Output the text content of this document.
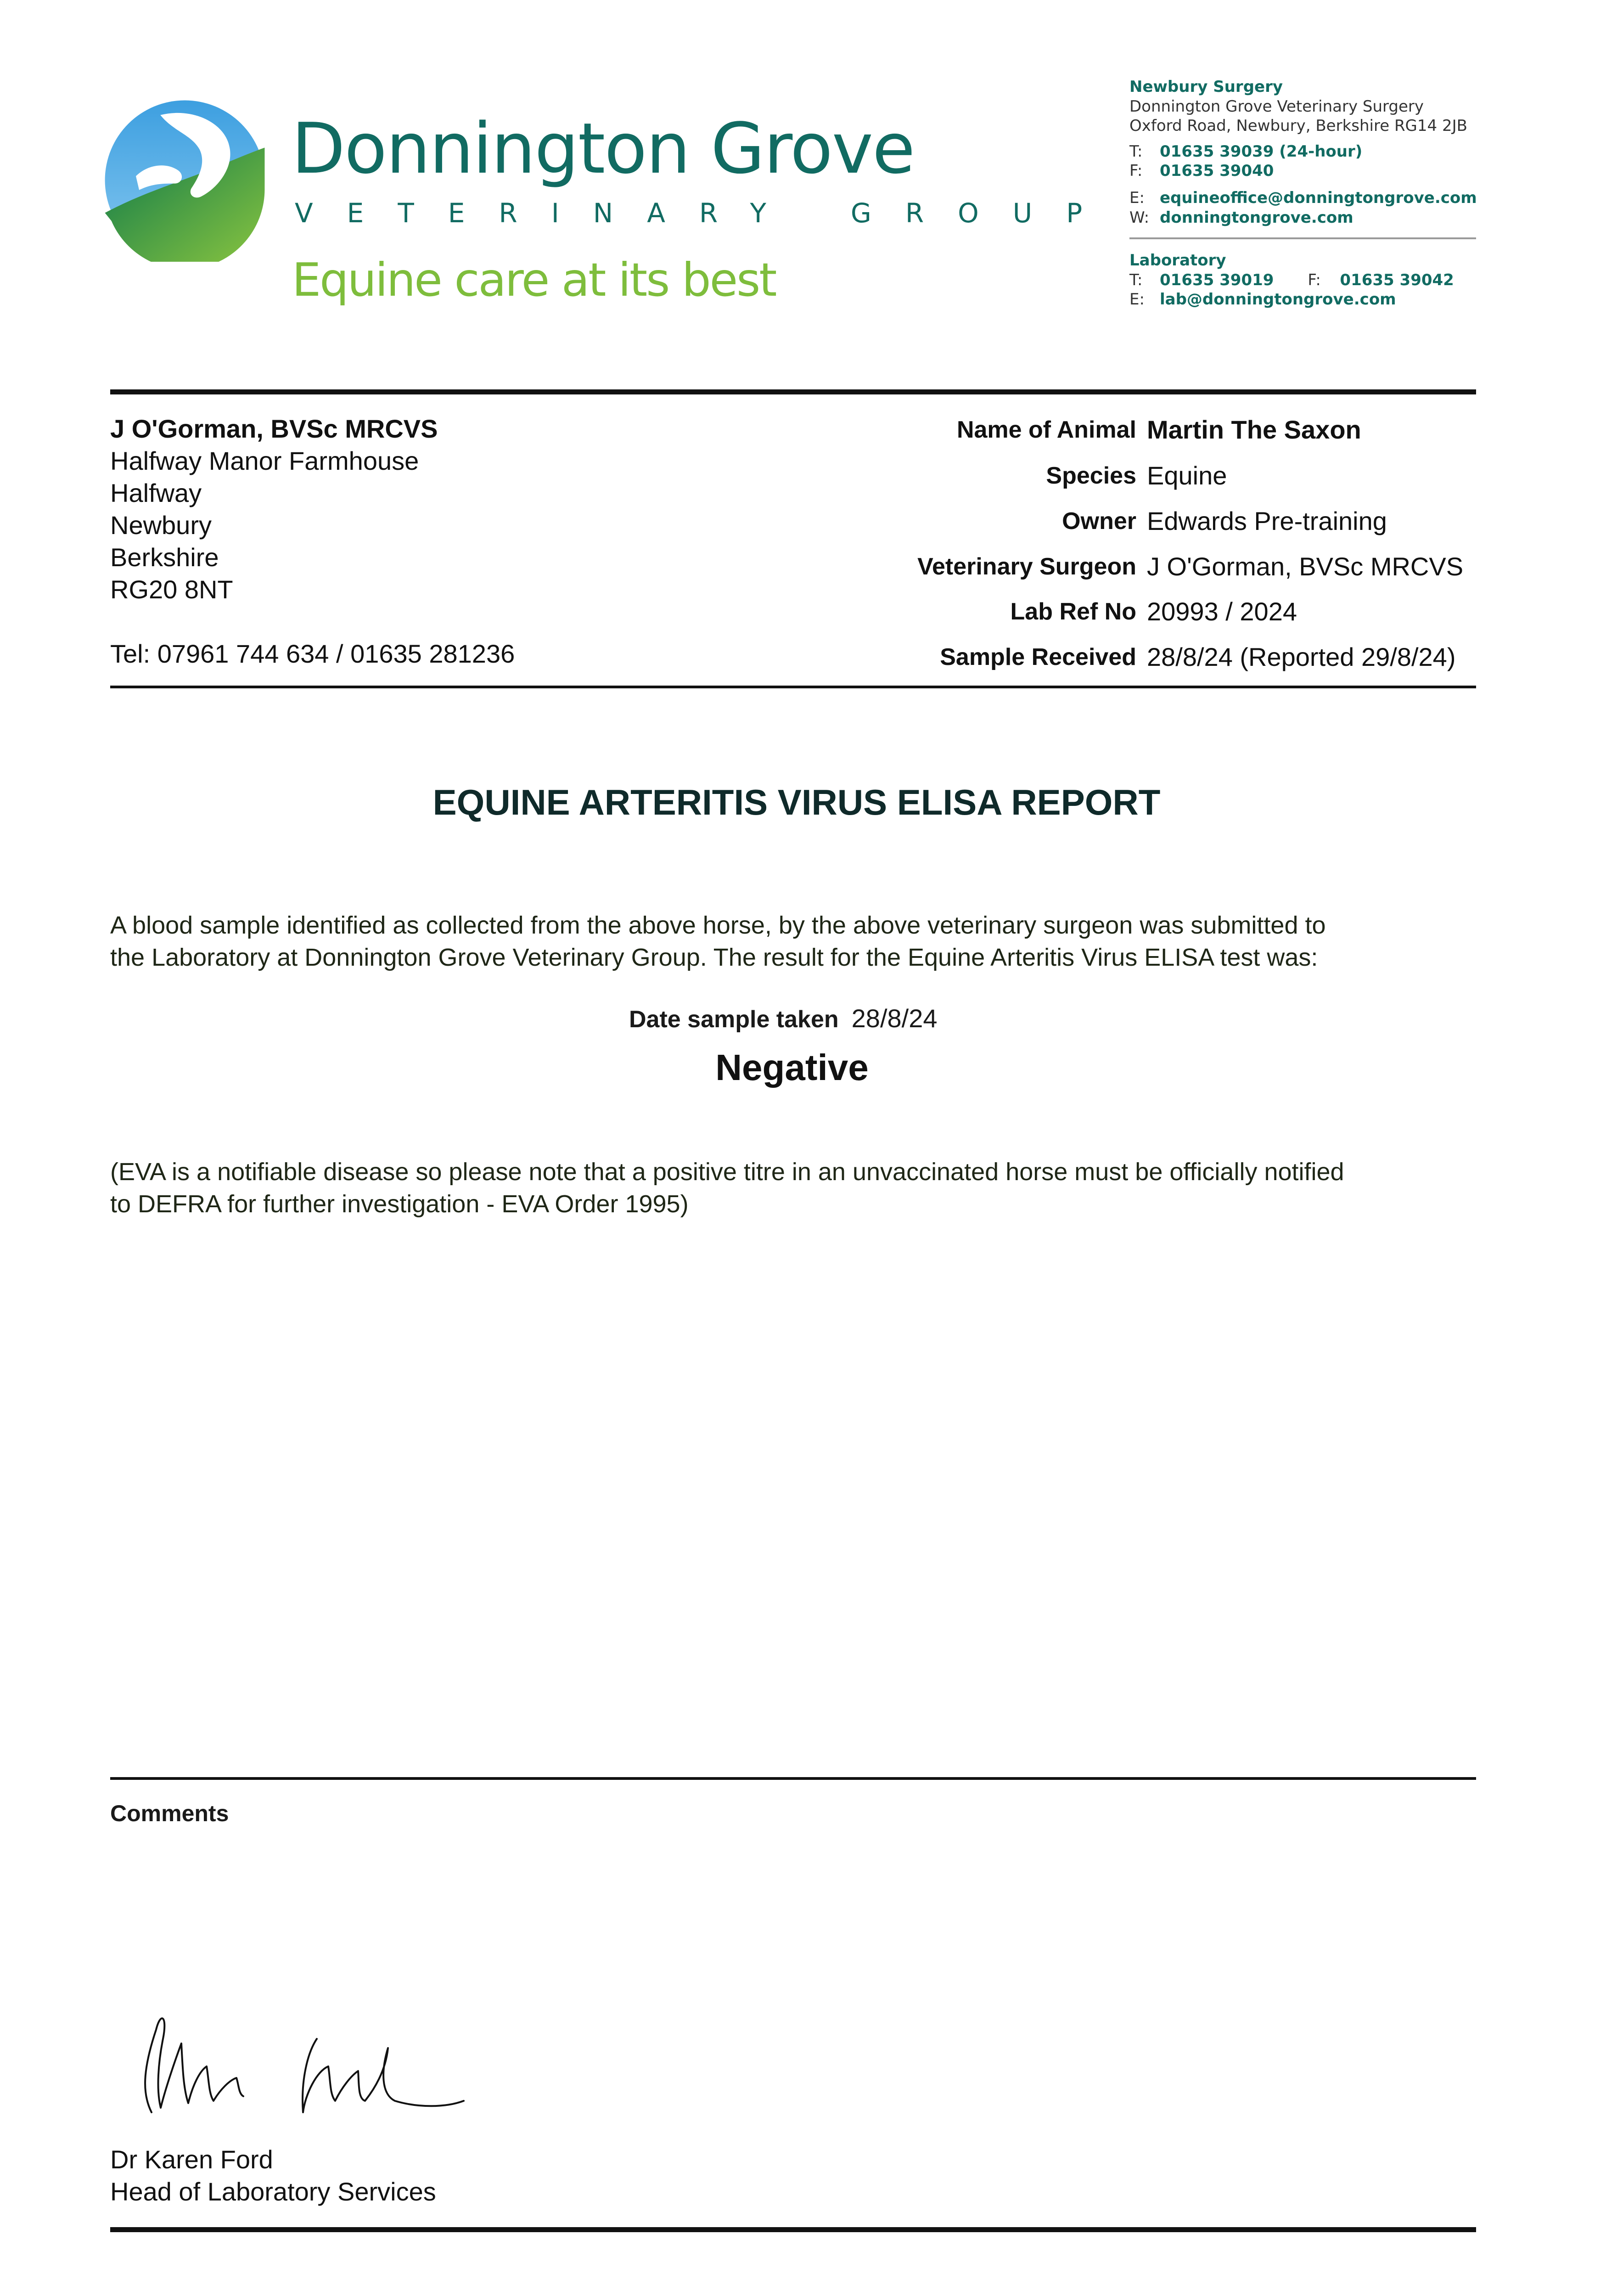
Donnington Grove
VETERINARY GROUP
Equine care at its best
Newbury Surgery
Donnington Grove Veterinary Surgery
Oxford Road, Newbury, Berkshire RG14 2JB
T: 01635 39039 (24-hour)
F: 01635 39040
E: equineoffice@donningtongrove.com
W: donningtongrove.com
Laboratory
T: 01635 39019 F: 01635 39042
E: lab@donningtongrove.com
J O'Gorman, BVSc MRCVS
Halfway Manor Farmhouse
Halfway
Newbury
Berkshire
RG20 8NT
Tel: 07961 744 634 / 01635 281236
Name of Animal Martin The Saxon
Species Equine
Owner Edwards Pre-training
Veterinary Surgeon J O'Gorman, BVSc MRCVS
Lab Ref No 20993 / 2024
Sample Received 28/8/24 (Reported 29/8/24)
EQUINE ARTERITIS VIRUS ELISA REPORT
A blood sample identified as collected from the above horse, by the above veterinary surgeon was submitted to
the Laboratory at Donnington Grove Veterinary Group. The result for the Equine Arteritis Virus ELISA test was:
Date sample taken 28/8/24
Negative
(EVA is a notifiable disease so please note that a positive titre in an unvaccinated horse must be officially notified
to DEFRA for further investigation - EVA Order 1995)
Comments
Dr Karen Ford
Head of Laboratory Services
